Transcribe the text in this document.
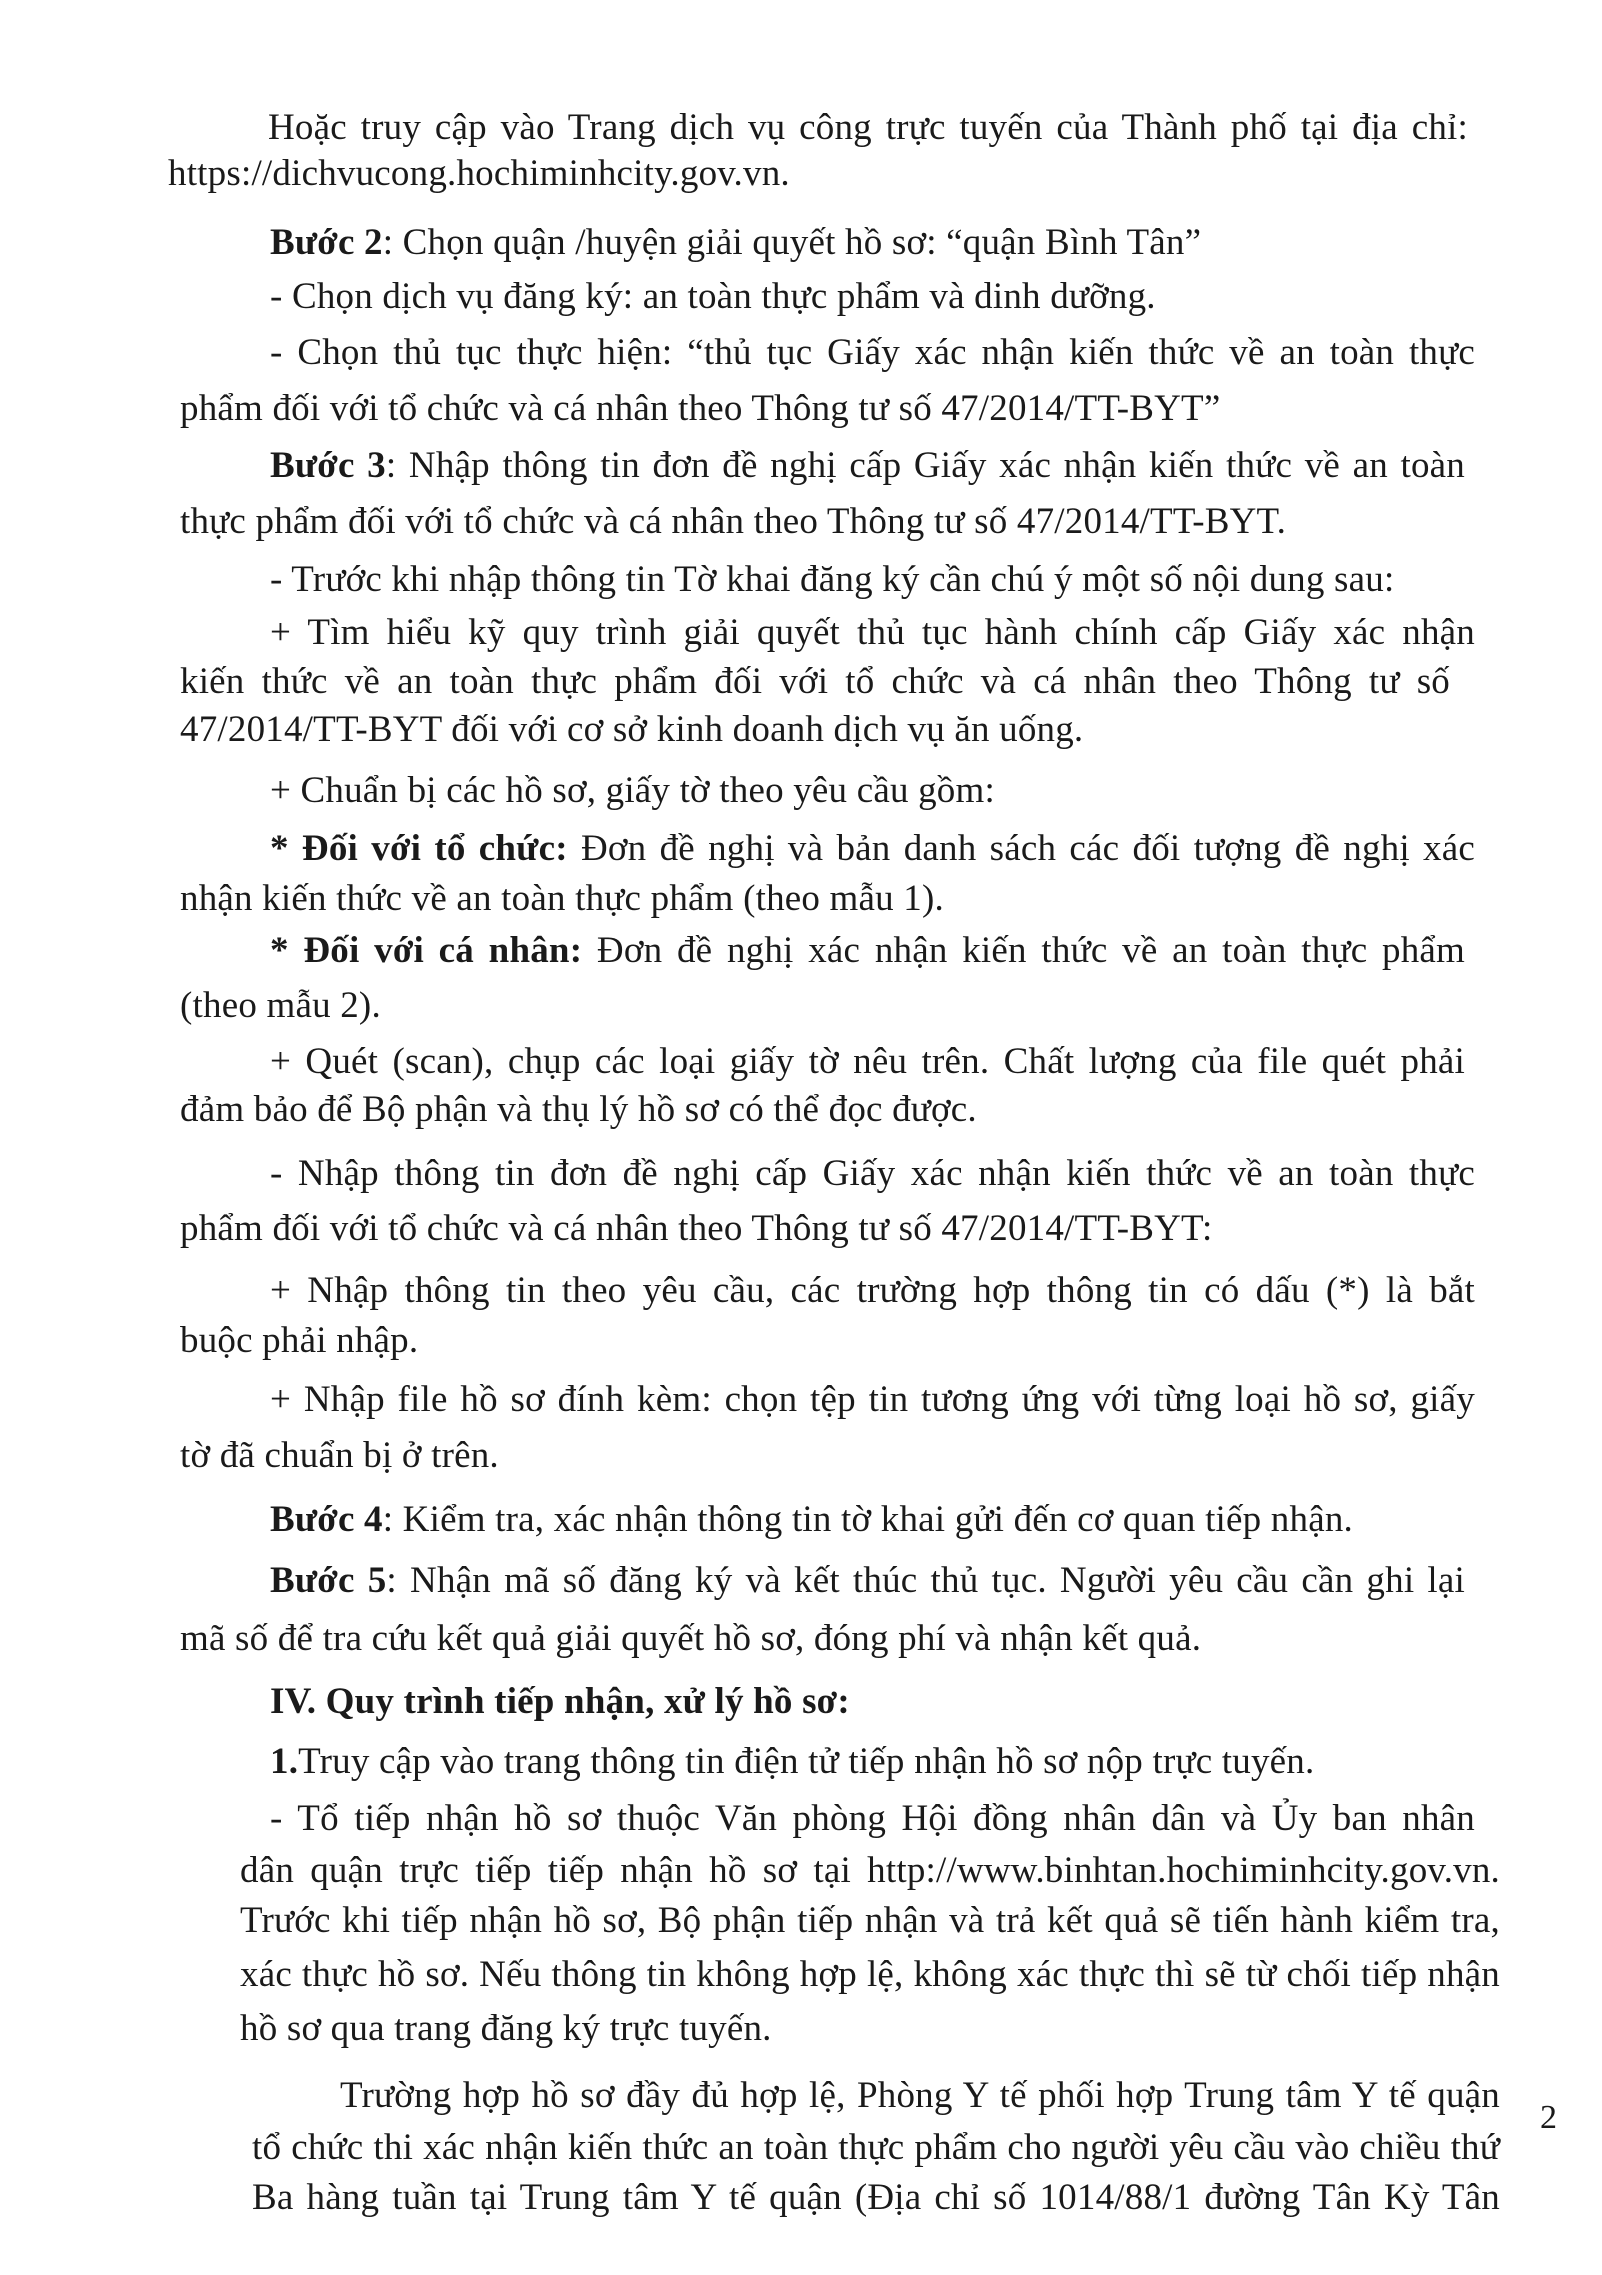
Hoặc truy cập vào Trang dịch vụ công trực tuyến của Thành phố tại địa chỉ:
https://dichvucong.hochiminhcity.gov.vn.
Bước 2: Chọn quận /huyện giải quyết hồ sơ: “quận Bình Tân”
- Chọn dịch vụ đăng ký: an toàn thực phẩm và dinh dưỡng.
- Chọn thủ tục thực hiện: “thủ tục Giấy xác nhận kiến thức về an toàn thực
phẩm đối với tổ chức và cá nhân theo Thông tư số 47/2014/TT-BYT”
Bước 3: Nhập thông tin đơn đề nghị cấp Giấy xác nhận kiến thức về an toàn
thực phẩm đối với tổ chức và cá nhân theo Thông tư số 47/2014/TT-BYT.
- Trước khi nhập thông tin Tờ khai đăng ký cần chú ý một số nội dung sau:
+ Tìm hiểu kỹ quy trình giải quyết thủ tục hành chính cấp Giấy xác nhận
kiến thức về an toàn thực phẩm đối với tổ chức và cá nhân theo Thông tư số
47/2014/TT-BYT đối với cơ sở kinh doanh dịch vụ ăn uống.
+ Chuẩn bị các hồ sơ, giấy tờ theo yêu cầu gồm:
* Đối với tổ chức: Đơn đề nghị và bản danh sách các đối tượng đề nghị xác
nhận kiến thức về an toàn thực phẩm (theo mẫu 1).
* Đối với cá nhân: Đơn đề nghị xác nhận kiến thức về an toàn thực phẩm
(theo mẫu 2).
+ Quét (scan), chụp các loại giấy tờ nêu trên. Chất lượng của file quét phải
đảm bảo để Bộ phận và thụ lý hồ sơ có thể đọc được.
- Nhập thông tin đơn đề nghị cấp Giấy xác nhận kiến thức về an toàn thực
phẩm đối với tổ chức và cá nhân theo Thông tư số 47/2014/TT-BYT:
+ Nhập thông tin theo yêu cầu, các trường hợp thông tin có dấu (*) là bắt
buộc phải nhập.
+ Nhập file hồ sơ đính kèm: chọn tệp tin tương ứng với từng loại hồ sơ, giấy
tờ đã chuẩn bị ở trên.
Bước 4: Kiểm tra, xác nhận thông tin tờ khai gửi đến cơ quan tiếp nhận.
Bước 5: Nhận mã số đăng ký và kết thúc thủ tục. Người yêu cầu cần ghi lại
mã số để tra cứu kết quả giải quyết hồ sơ, đóng phí và nhận kết quả.
IV. Quy trình tiếp nhận, xử lý hồ sơ:
1.Truy cập vào trang thông tin điện tử tiếp nhận hồ sơ nộp trực tuyến.
- Tổ tiếp nhận hồ sơ thuộc Văn phòng Hội đồng nhân dân và Ủy ban nhân
dân quận trực tiếp tiếp nhận hồ sơ tại http://www.binhtan.hochiminhcity.gov.vn.
Trước khi tiếp nhận hồ sơ, Bộ phận tiếp nhận và trả kết quả sẽ tiến hành kiểm tra,
xác thực hồ sơ. Nếu thông tin không hợp lệ, không xác thực thì sẽ từ chối tiếp nhận
hồ sơ qua trang đăng ký trực tuyến.
Trường hợp hồ sơ đầy đủ hợp lệ, Phòng Y tế phối hợp Trung tâm Y tế quận
tổ chức thi xác nhận kiến thức an toàn thực phẩm cho người yêu cầu vào chiều thứ
Ba hàng tuần tại Trung tâm Y tế quận (Địa chỉ số 1014/88/1 đường Tân Kỳ Tân
2
